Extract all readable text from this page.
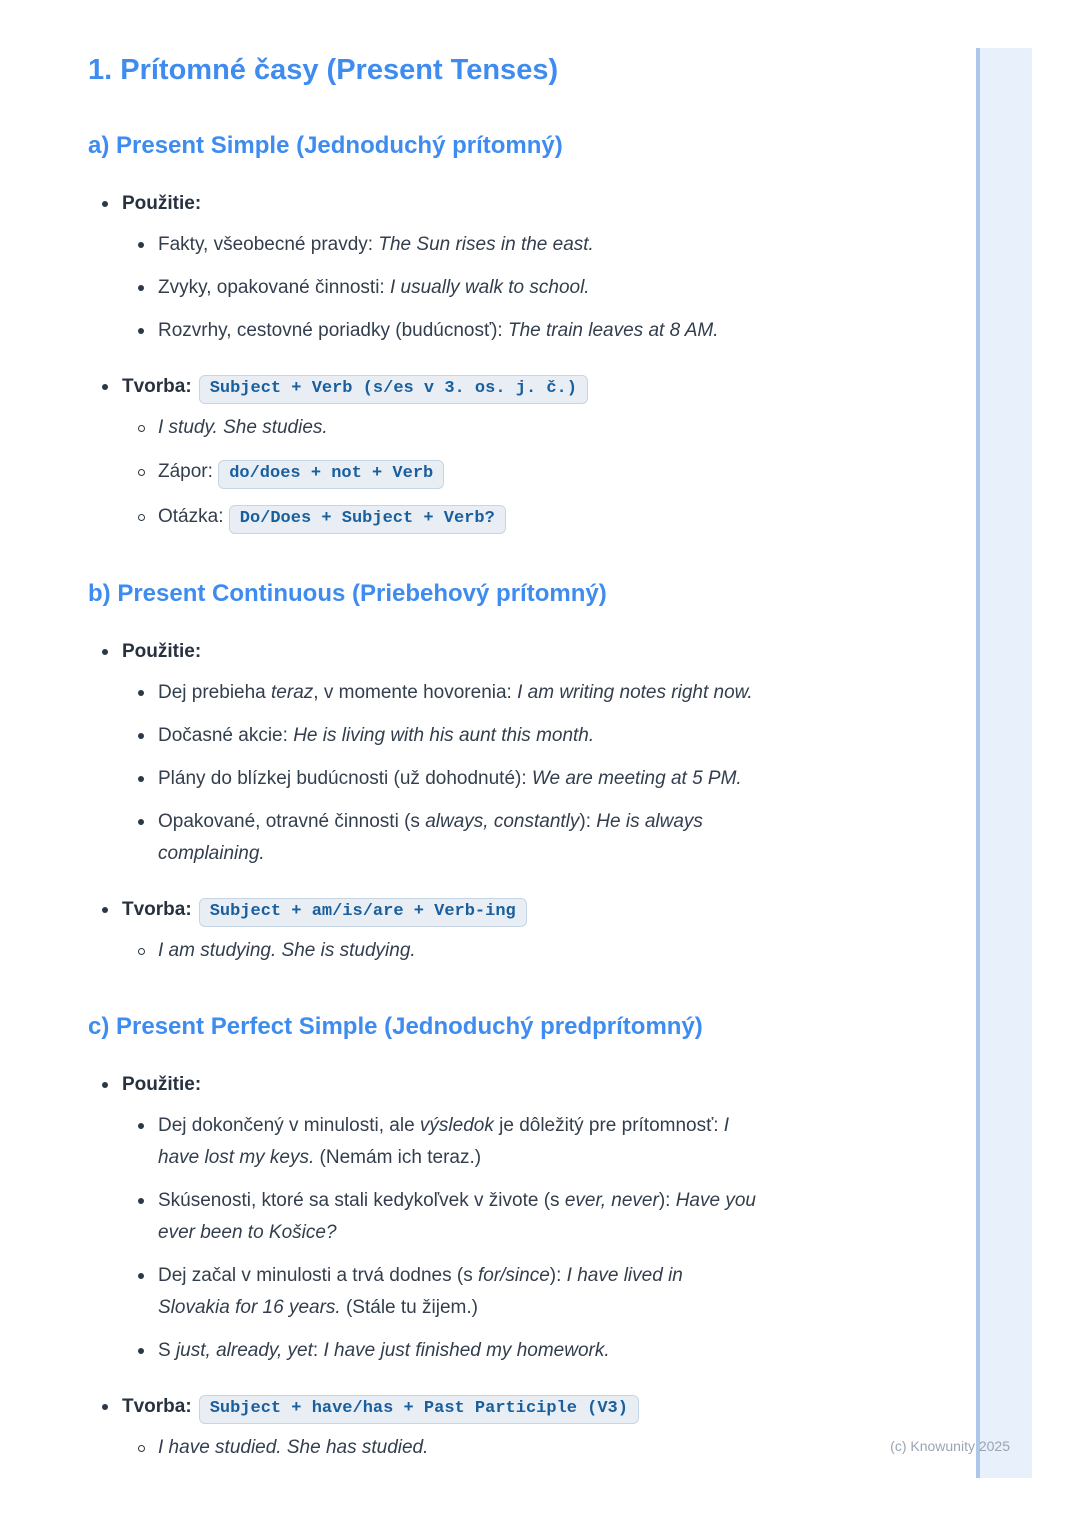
1. Prítomné časy (Present Tenses)
a) Present Simple (Jednoduchý prítomný)
Použitie:
Fakty, všeobecné pravdy: The Sun rises in the east.
Zvyky, opakované činnosti: I usually walk to school.
Rozvrhy, cestovné poriadky (budúcnosť): The train leaves at 8 AM.
Tvorba: Subject + Verb (s/es v 3. os. j. č.)
I study. She studies.
Zápor: do/does + not + Verb
Otázka: Do/Does + Subject + Verb?
b) Present Continuous (Priebehový prítomný)
Použitie:
Dej prebieha teraz, v momente hovorenia: I am writing notes right now.
Dočasné akcie: He is living with his aunt this month.
Plány do blízkej budúcnosti (už dohodnuté): We are meeting at 5 PM.
Opakované, otravné činnosti (s always, constantly): He is always complaining.
Tvorba: Subject + am/is/are + Verb-ing
I am studying. She is studying.
c) Present Perfect Simple (Jednoduchý predprítomný)
Použitie:
Dej dokončený v minulosti, ale výsledok je dôležitý pre prítomnosť: I have lost my keys. (Nemám ich teraz.)
Skúsenosti, ktoré sa stali kedykoľvek v živote (s ever, never): Have you ever been to Košice?
Dej začal v minulosti a trvá dodnes (s for/since): I have lived in Slovakia for 16 years. (Stále tu žijem.)
S just, already, yet: I have just finished my homework.
Tvorba: Subject + have/has + Past Participle (V3)
I have studied. She has studied.	(c) Knowunity 2025
